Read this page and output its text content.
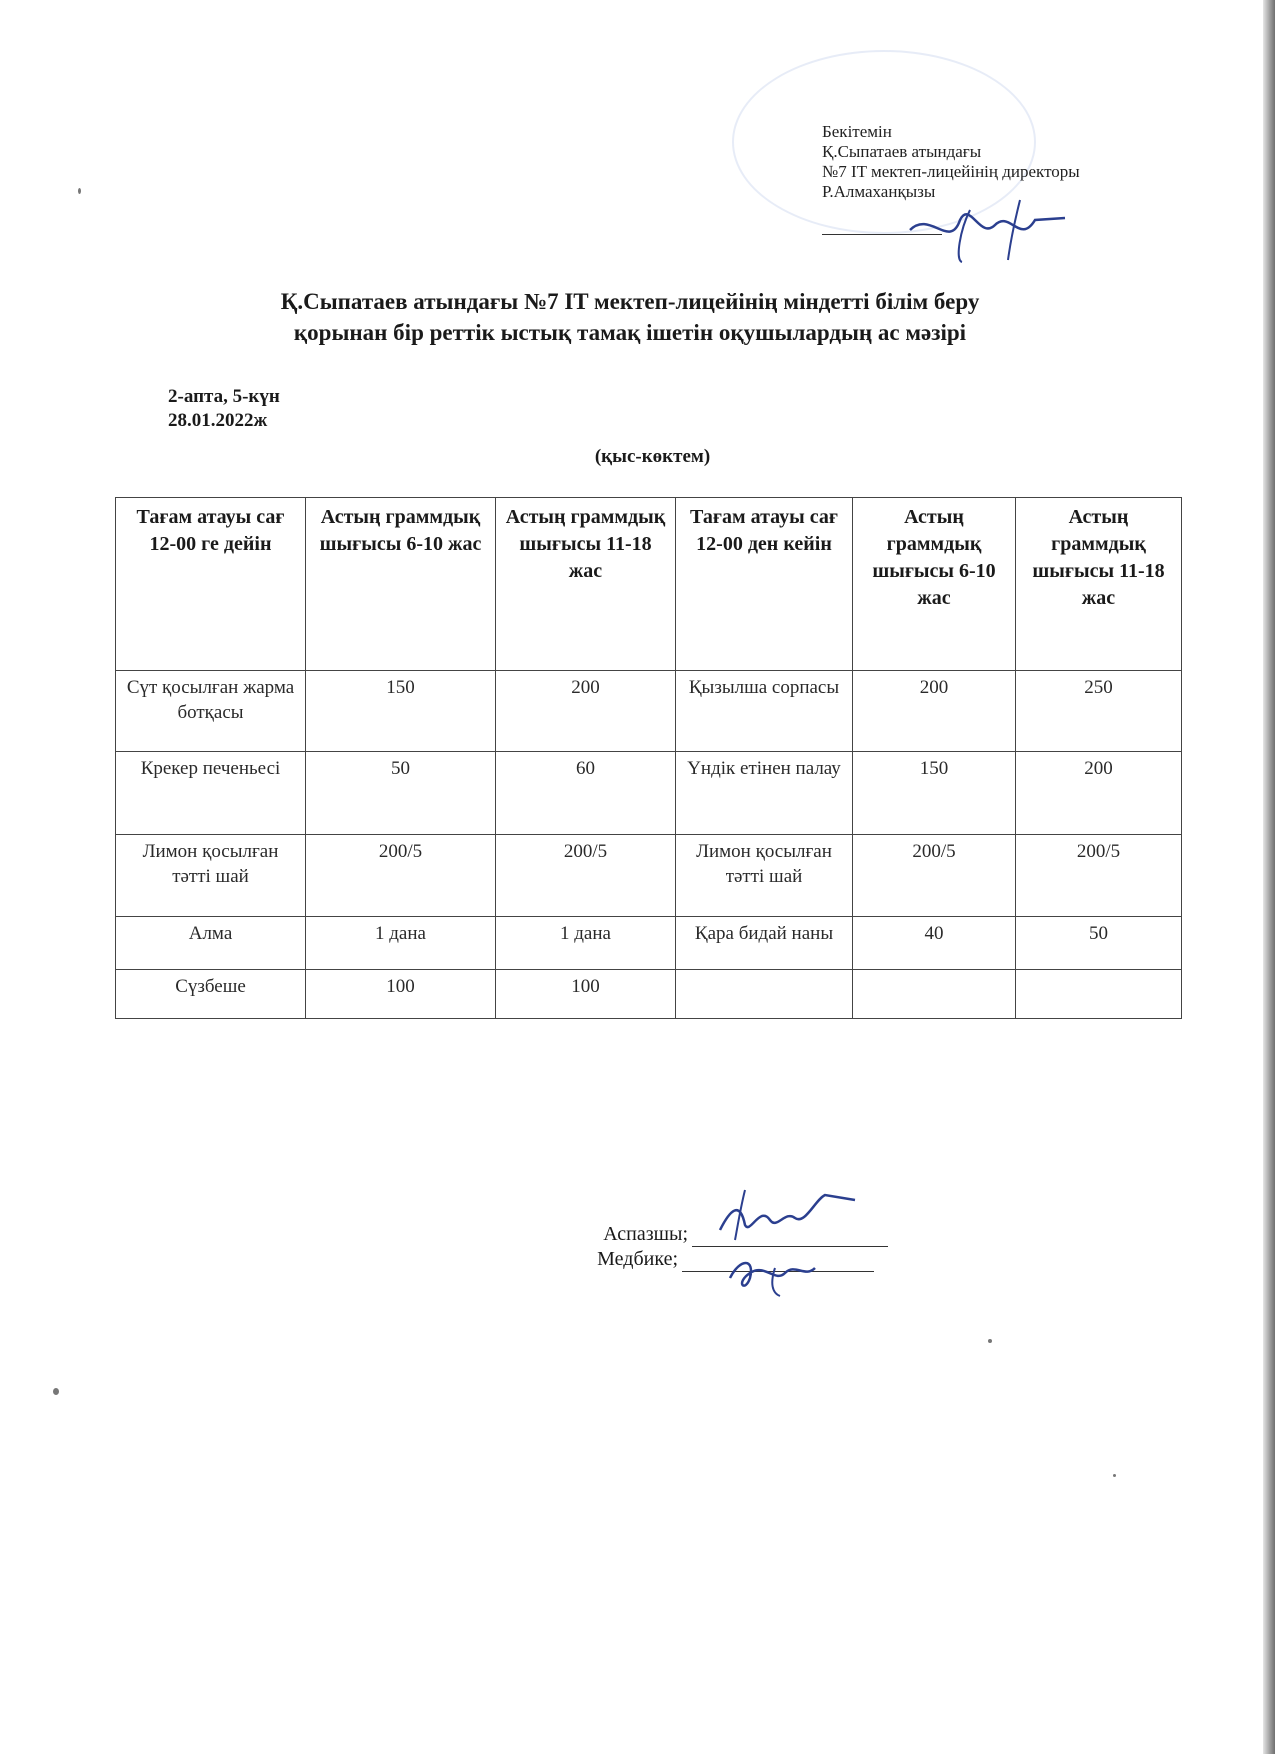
Бекітемін
Қ.Сыпатаев атындағы
№7 IT мектеп-лицейінің директоры
Р.Алмаханқызы
Қ.Сыпатаев атындағы №7 IT мектеп-лицейінің міндетті білім беру
қорынан бір реттік ыстық тамақ ішетін оқушылардың ас мәзірі
2-апта, 5-күн
28.01.2022ж
(қыс-көктем)
Тағам атауы сағ 12-00 ге дейін	Астың граммдық шығысы 6-10 жас	Астың граммдық шығысы 11-18 жас	Тағам атауы сағ 12-00 ден кейін	Астың граммдық шығысы 6-10 жас	Астың граммдық шығысы 11-18 жас
Сүт қосылған жарма ботқасы	150	200	Қызылша сорпасы	200	250
Крекер печеньесі	50	60	Үндік етінен палау	150	200
Лимон қосылған тәтті шай	200/5	200/5	Лимон қосылған тәтті шай	200/5	200/5
Алма	1 дана	1 дана	Қара бидай наны	40	50
Сүзбеше	100	100			
Аспазшы;
Медбике;
